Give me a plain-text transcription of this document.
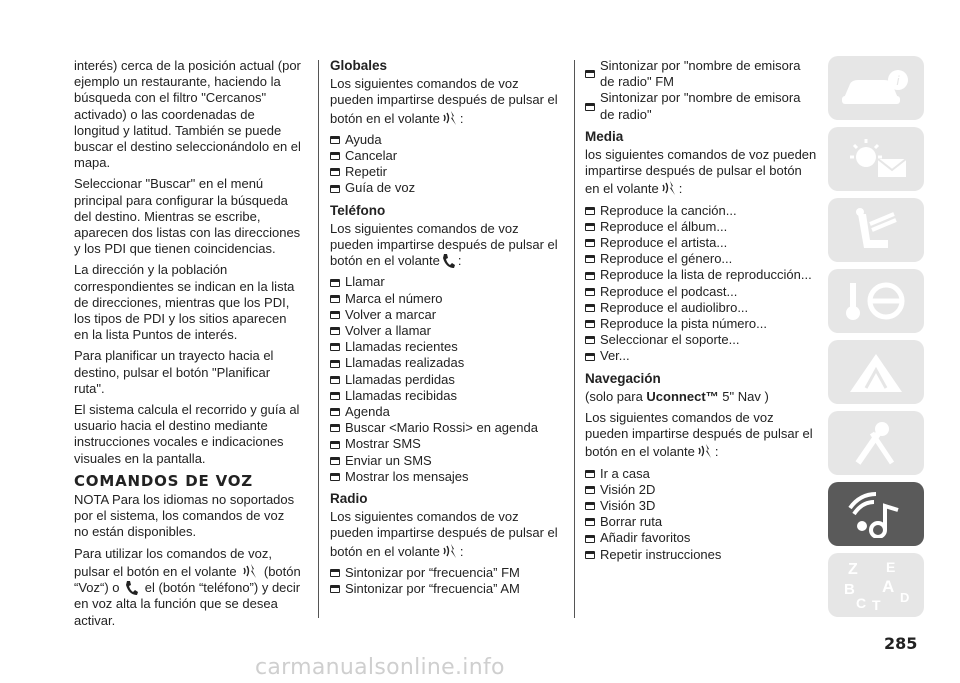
interés) cerca de la posición actual (por ejemplo un restaurante, haciendo la búsqueda con el filtro "Cercanos" activado) o las coordenadas de longitud y latitud. También se puede buscar el destino seleccionándolo en el mapa.

Seleccionar "Buscar" en el menú principal para configurar la búsqueda del destino. Mientras se escribe, aparecen dos listas con las direcciones y los PDI que tienen coincidencias.

La dirección y la población correspondientes se indican en la lista de direcciones, mientras que los PDI, los tipos de PDI y los sitios aparecen en la lista Puntos de interés.

Para planificar un trayecto hacia el destino, pulsar el botón "Planificar ruta".

El sistema calcula el recorrido y guía al usuario hacia el destino mediante instrucciones vocales e indicaciones visuales en la pantalla.

COMANDOS DE VOZ

NOTA Para los idiomas no soportados por el sistema, los comandos de voz no están disponibles.

Para utilizar los comandos de voz, pulsar el botón en el volante (botón “Voz“) o el (botón “teléfono”) y decir en voz alta la función que se desea activar.

Globales

Los siguientes comandos de voz pueden impartirse después de pulsar el botón en el volante :

Ayuda
Cancelar
Repetir
Guía de voz
Teléfono

Los siguientes comandos de voz pueden impartirse después de pulsar el botón en el volante :

Llamar
Marca el número
Volver a marcar
Volver a llamar
Llamadas recientes
Llamadas realizadas
Llamadas perdidas
Llamadas recibidas
Agenda
Buscar <Mario Rossi> en agenda
Mostrar SMS
Enviar un SMS
Mostrar los mensajes
Radio

Los siguientes comandos de voz pueden impartirse después de pulsar el botón en el volante :

Sintonizar por “frecuencia” FM
Sintonizar por “frecuencia” AM
Sintonizar por "nombre de emisora de radio" FM
Sintonizar por "nombre de emisora de radio"
Media

los siguientes comandos de voz pueden impartirse después de pulsar el botón en el volante :

Reproduce la canción...
Reproduce el álbum...
Reproduce el artista...
Reproduce el género...
Reproduce la lista de reproducción...
Reproduce el podcast...
Reproduce el audiolibro...
Reproduce la pista número...
Seleccionar el soporte...
Ver...
Navegación

(solo para Uconnect™ 5" Nav )

Los siguientes comandos de voz pueden impartirse después de pulsar el botón en el volante :

Ir a casa
Visión 2D
Visión 3D
Borrar ruta
Añadir favoritos
Repetir instrucciones
i
Z E
B A
C T D
285
carmanualsonline.info
